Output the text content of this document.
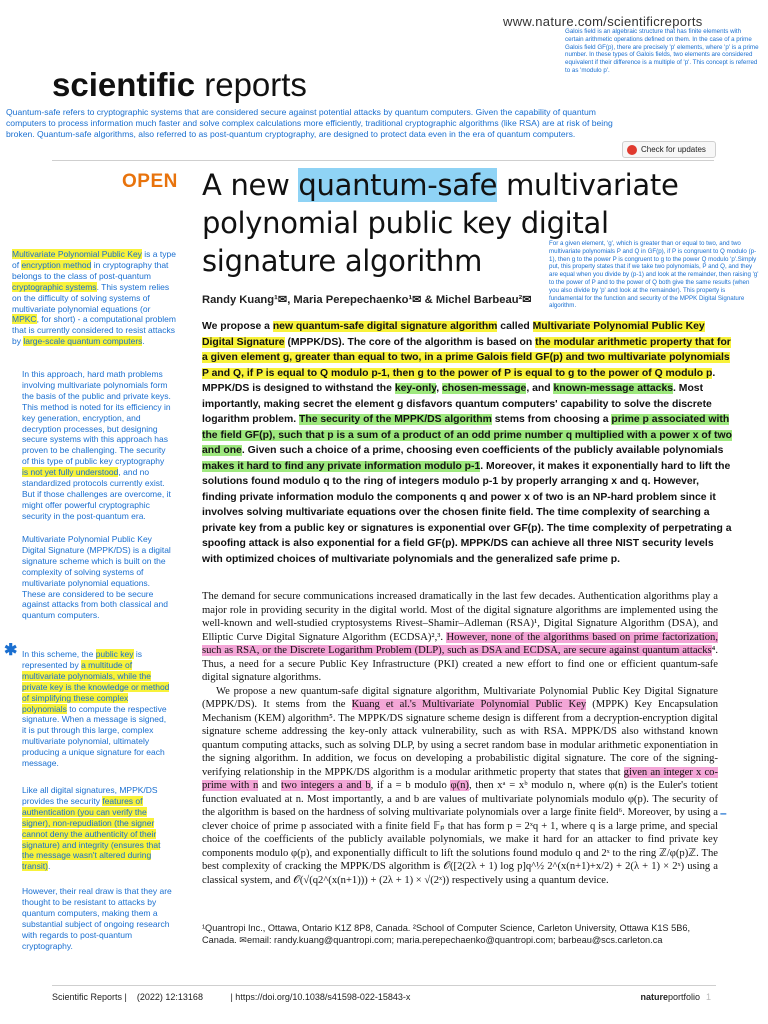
www.nature.com/scientificreports
Galois field is an algebraic structure that has finite elements with certain arithmetic operations defined on them. In the case of a prime Galois field GF(p), there are precisely 'p' elements, where 'p' is a prime number. In these types of Galois fields, two elements are considered equivalent if their difference is a multiple of 'p'. This concept is referred to as 'modulo p'.
scientific reports
Quantum-safe refers to cryptographic systems that are considered secure against potential attacks by quantum computers. Given the capability of quantum computers to process information much faster and solve complex calculations more efficiently, traditional cryptographic algorithms (like RSA) are at risk of being broken. Quantum-safe algorithms, also referred to as post-quantum cryptography, are designed to protect data even in the era of quantum computers.
Check for updates
OPEN A new quantum-safe multivariate polynomial public key digital signature algorithm
For a given element, 'g', which is greater than or equal to two, and two multivariate polynomials P and Q in GF(p), if P is congruent to Q modulo (p-1), then g to the power P is congruent to g to the power Q modulo 'p'.Simply put, this property states that if we take two polynomials, P and Q, and they are equal when you divide by (p-1) and look at the remainder, then raising 'g' to the power of P and to the power of Q both give the same results (when you also divide by 'p' and look at the remainder). This property is fundamental for the function and security of the MPPK Digital Signature algorithm.
Randy Kuang¹✉, Maria Perepechaenko¹✉ & Michel Barbeau²✉
We propose a new quantum-safe digital signature algorithm called Multivariate Polynomial Public Key Digital Signature (MPPK/DS). The core of the algorithm is based on the modular arithmetic property that for a given element g, greater than equal to two, in a prime Galois field GF(p) and two multivariate polynomials P and Q, if P is equal to Q modulo p-1, then g to the power of P is equal to g to the power of Q modulo p. MPPK/DS is designed to withstand the key-only, chosen-message, and known-message attacks. Most importantly, making secret the element g disfavors quantum computers' capability to solve the discrete logarithm problem. The security of the MPPK/DS algorithm stems from choosing a prime p associated with the field GF(p), such that p is a sum of a product of an odd prime number q multiplied with a power x of two and one. Given such a choice of a prime, choosing even coefficients of the publicly available polynomials makes it hard to find any private information modulo p-1. Moreover, it makes it exponentially hard to lift the solutions found modulo q to the ring of integers modulo p-1 by properly arranging x and q. However, finding private information modulo the components q and power x of two is an NP-hard problem since it involves solving multivariate equations over the chosen finite field. The time complexity of searching a private key from a public key or signatures is exponential over GF(p). The time complexity of perpetrating a spoofing attack is also exponential for a field GF(p). MPPK/DS can achieve all three NIST security levels with optimized choices of multivariate polynomials and the generalized safe prime p.
Multivariate Polynomial Public Key is a type of encryption method in cryptography that belongs to the class of post-quantum cryptographic systems. This system relies on the difficulty of solving systems of multivariate polynomial equations (or MPKC, for short) - a computational problem that is currently considered to resist attacks by large-scale quantum computers.
In this approach, hard math problems involving multivariate polynomials form the basis of the public and private keys. This method is noted for its efficiency in key generation, encryption, and decryption processes, but designing secure systems with this approach has proven to be challenging. The security of this type of public key cryptography is not yet fully understood, and no standardized protocols currently exist. But if those challenges are overcome, it might offer powerful cryptographic security in the post-quantum era.
Multivariate Polynomial Public Key Digital Signature (MPPK/DS) is a digital signature scheme which is built on the complexity of solving systems of multivariate polynomial equations. These are considered to be secure against attacks from both classical and quantum computers.
In this scheme, the public key is represented by a multitude of multivariate polynomials, while the private key is the knowledge or method of simplifying these complex polynomials to compute the respective signature. When a message is signed, it is put through this large, complex multivariate polynomial, ultimately producing a unique signature for each message.
Like all digital signatures, MPPK/DS provides the security features of authentication (you can verify the signer), non-repudiation (the signer cannot deny the authenticity of their signature) and integrity (ensures that the message wasn't altered during transit).
However, their real draw is that they are thought to be resistant to attacks by quantum computers, making them a substantial subject of ongoing research with regards to post-quantum cryptography.
✱
–

The demand for secure communications increased dramatically in the last few decades. Authentication algorithms play a major role in providing security in the digital world. Most of the digital signature algorithms are implemented using the well-known and well-studied cryptosystems Rivest–Shamir–Adleman (RSA)¹, Digital Signature Algorithm (DSA), and Elliptic Curve Digital Signature Algorithm (ECDSA)²,³. However, none of the algorithms based on prime factorization, such as RSA, or the Discrete Logarithm Problem (DLP), such as DSA and ECDSA, are secure against quantum attacks⁴. Thus, a need for a secure Public Key Infrastructure (PKI) created a new effort to find one or efficient quantum-safe digital signature algorithms.

We propose a new quantum-safe digital signature algorithm, Multivariate Polynomial Public Key Digital Signature (MPPK/DS). It stems from the Kuang et al.'s Multivariate Polynomial Public Key (MPPK) Key Encapsulation Mechanism (KEM) algorithm⁵. The MPPK/DS signature scheme design is different from a decryption-encryption digital signature scheme addressing the key-only attack vulnerability, such as with RSA. MPPK/DS also withstand known quantum computing attacks, such as solving DLP, by using a secret random base in modular arithmetic exponentiation in the signing algorithm. In addition, we focus on developing a probabilistic digital signature. The core of the signing-verifying relationship in the MPPK/DS algorithm is a modular arithmetic property that states that given an integer x co-prime with n and two integers a and b, if a = b modulo φ(n), then xᵃ = xᵇ modulo n, where φ(n) is the Euler's totient function evaluated at n. Most importantly, a and b are values of multivariate polynomials modulo φ(p). The security of the algorithm is based on the hardness of solving multivariate polynomials over a large finite field⁶. Moreover, by using a clever choice of prime p associated with a finite field 𝔽ₚ that has form p = 2ˣq + 1, where q is a large prime, and special choice of the coefficients of the publicly available polynomials, we make it hard for an attacker to find private key components modulo φ(p), and exponentially difficult to lift the solutions found modulo q and 2ˣ to the ring ℤ/φ(p)ℤ. The best complexity of cracking the MPPK/DS algorithm is 𝒪([2(2λ + 1) log p]q^½ 2^(x(n+1)+x/2) + 2(λ + 1) × 2ˣ) using a classical system, and 𝒪(√(q2^(x(n+1))) + (2λ + 1) × √(2ˣ)) respectively using a quantum device.

¹Quantropi Inc., Ottawa, Ontario K1Z 8P8, Canada. ²School of Computer Science, Carleton University, Ottawa K1S 5B6, Canada. ✉email: randy.kuang@quantropi.com; maria.perepechaenko@quantropi.com; barbeau@scs.carleton.ca
Scientific Reports | (2022) 12:13168	| https://doi.org/10.1038/s41598-022-15843-x	natureportfolio 1
